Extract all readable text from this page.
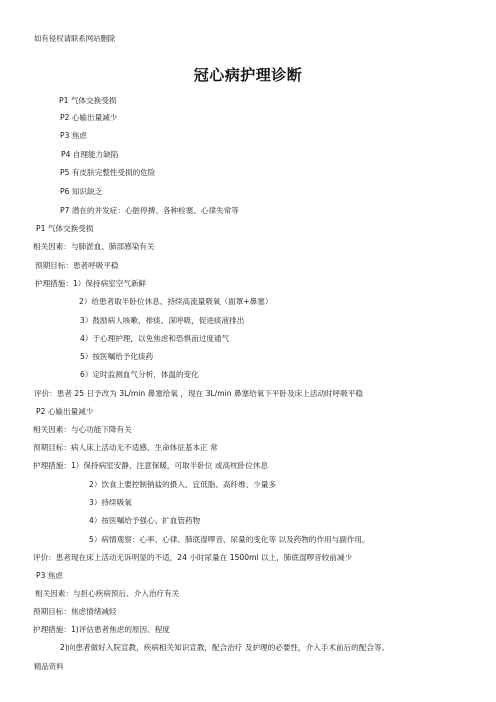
如有侵权请联系网站删除
冠心病护理诊断
P1 气体交换受损
P2 心输出量减少
P3 焦虑
P4 自理能力缺陷
P5 有皮肤完整性受损的危险
P6 知识缺乏
P7 潜在的并发症：心脏停搏、各种栓塞、心律失常等
P1 气体交换受损
相关因素：与肺淤血、肺部感染有关
预期目标：患者呼吸平稳
护理措施：1）保持病室空气新鲜
2）给患者取半卧位休息、持续高流量吸氧（面罩+鼻塞）
3）鼓励病人咳嗽、排痰、深呼吸，促进痰液排出
4）于心理护理，以免焦虑和恐惧而过度通气
5）按医嘱给予化痰药
6）定时监测血气分析，体温的变化
评价：患者 25 日予改为 3L/min 鼻塞给氧 ，现在 3L/min 鼻塞给氧下平卧及床上活动时呼吸平稳
P2 心输出量减少
相关因素：与心功能下降有关
预期目标：病人床上活动无不适感、生命体征基本正 常
护理措施：1）保持病室安静，注意保暖，可取半卧位 或高枕卧位休息
2）饮食上要控制钠盐的摄入、宜低脂、高纤维、少量多
3）持续吸氧
4）按医嘱给予强心、扩血管药物
5）病情观察：心率、心律、肺底湿啰音、尿量的变化等 以及药物的作用与副作用。
评价：患者现在床上活动无诉明显的不适，24 小时尿量在 1500ml 以上，肺底湿啰音较前减少
P3 焦虑
相关因素：与担心疾病预后、介入治疗有关
预期目标：焦虑情绪减轻
护理措施：1)评估患者焦虑的原因、程度
2)向患者做好入院宣教，疾病相关知识宣教，配合治疗 及护理的必要性，介入手术前后的配合等。
精品资料
